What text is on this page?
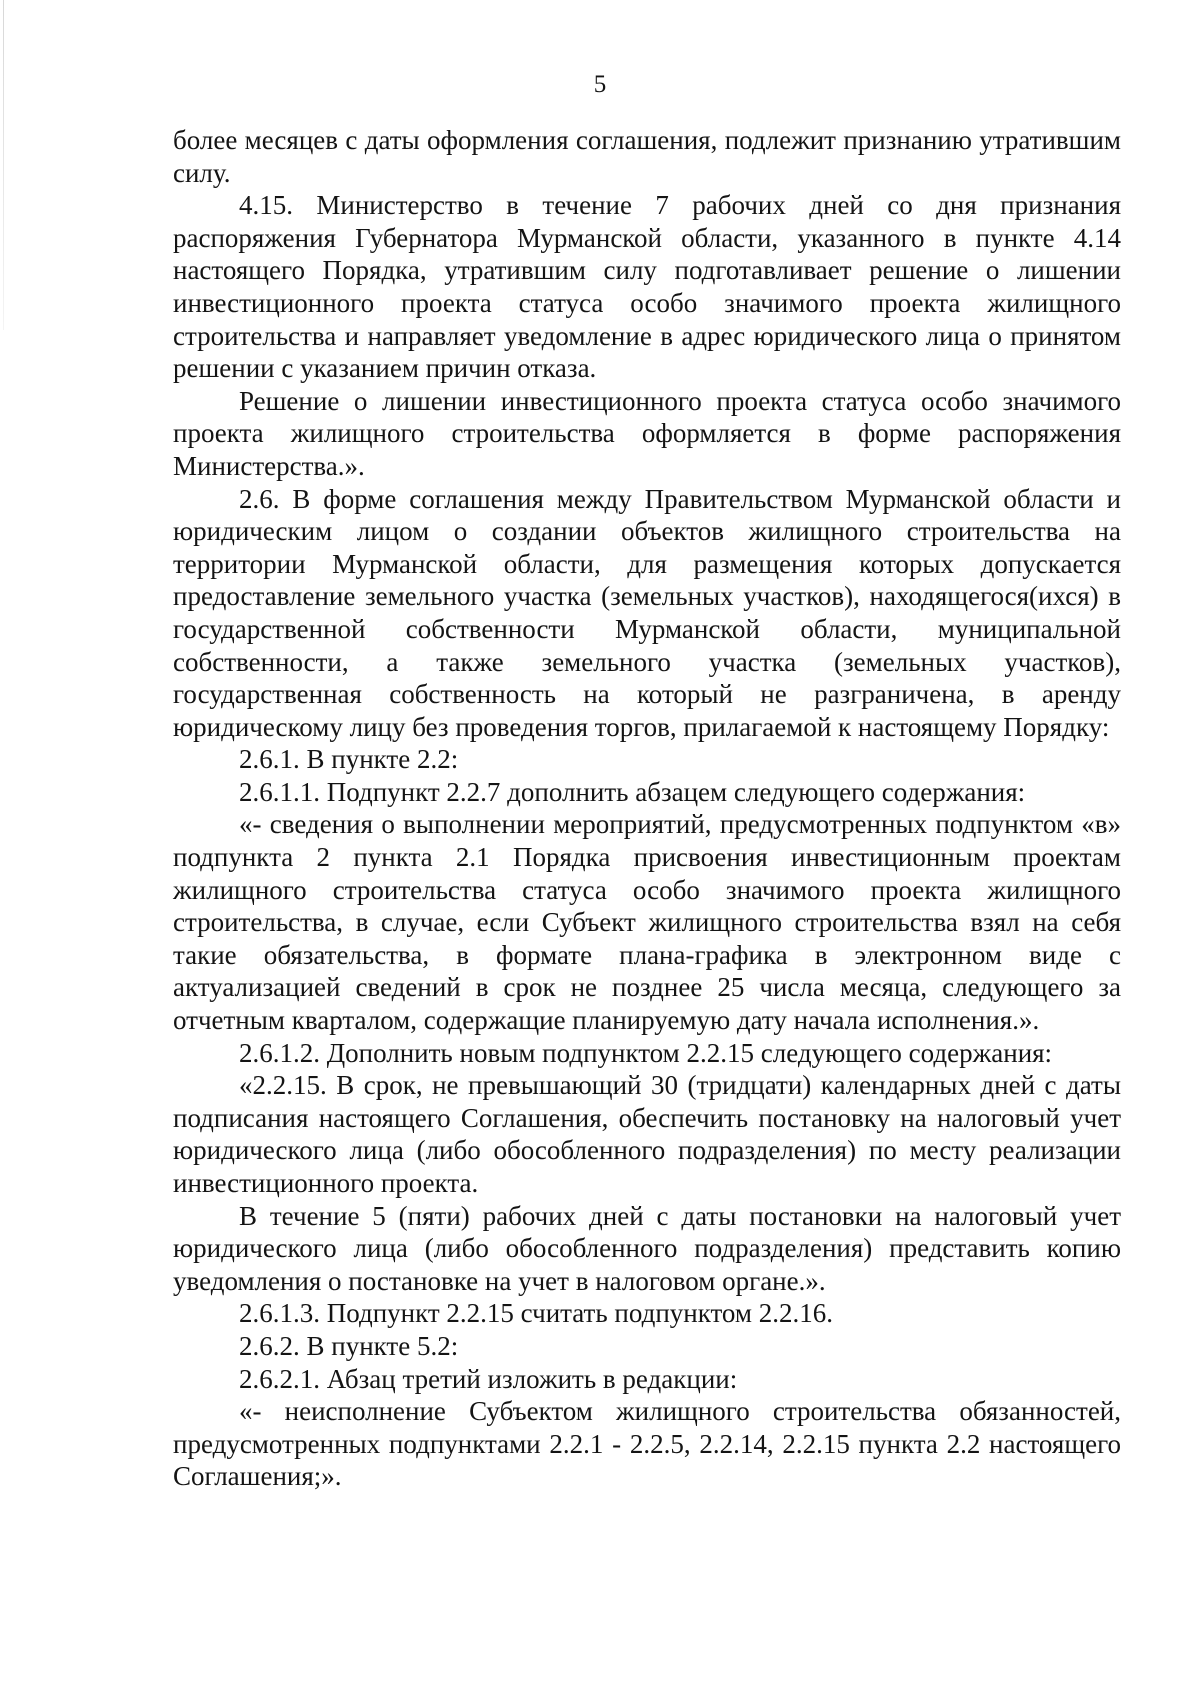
5

более месяцев с даты оформления соглашения, подлежит признанию утратившим силу.

4.15. Министерство в течение 7 рабочих дней со дня признания распоряжения Губернатора Мурманской области, указанного в пункте 4.14 настоящего Порядка, утратившим силу подготавливает решение о лишении инвестиционного проекта статуса особо значимого проекта жилищного строительства и направляет уведомление в адрес юридического лица о принятом решении с указанием причин отказа.

Решение о лишении инвестиционного проекта статуса особо значимого проекта жилищного строительства оформляется в форме распоряжения Министерства.».

2.6. В форме соглашения между Правительством Мурманской области и юридическим лицом о создании объектов жилищного строительства на территории Мурманской области, для размещения которых допускается предоставление земельного участка (земельных участков), находящегося(ихся) в государственной собственности Мурманской области, муниципальной собственности, а также земельного участка (земельных участков), государственная собственность на который не разграничена, в аренду юридическому лицу без проведения торгов, прилагаемой к настоящему Порядку:

2.6.1. В пункте 2.2:

2.6.1.1. Подпункт 2.2.7 дополнить абзацем следующего содержания:

«- сведения о выполнении мероприятий, предусмотренных подпунктом «в» подпункта 2 пункта 2.1 Порядка присвоения инвестиционным проектам жилищного строительства статуса особо значимого проекта жилищного строительства, в случае, если Субъект жилищного строительства взял на себя такие обязательства, в формате плана-графика в электронном виде с актуализацией сведений в срок не позднее 25 числа месяца, следующего за отчетным кварталом, содержащие планируемую дату начала исполнения.».

2.6.1.2. Дополнить новым подпунктом 2.2.15 следующего содержания:

«2.2.15. В срок, не превышающий 30 (тридцати) календарных дней с даты подписания настоящего Соглашения, обеспечить постановку на налоговый учет юридического лица (либо обособленного подразделения) по месту реализации инвестиционного проекта.

В течение 5 (пяти) рабочих дней с даты постановки на налоговый учет юридического лица (либо обособленного подразделения) представить копию уведомления о постановке на учет в налоговом органе.».

2.6.1.3. Подпункт 2.2.15 считать подпунктом 2.2.16.

2.6.2. В пункте 5.2:

2.6.2.1. Абзац третий изложить в редакции:

«- неисполнение Субъектом жилищного строительства обязанностей, предусмотренных подпунктами 2.2.1 - 2.2.5, 2.2.14, 2.2.15 пункта 2.2 настоящего Соглашения;».
